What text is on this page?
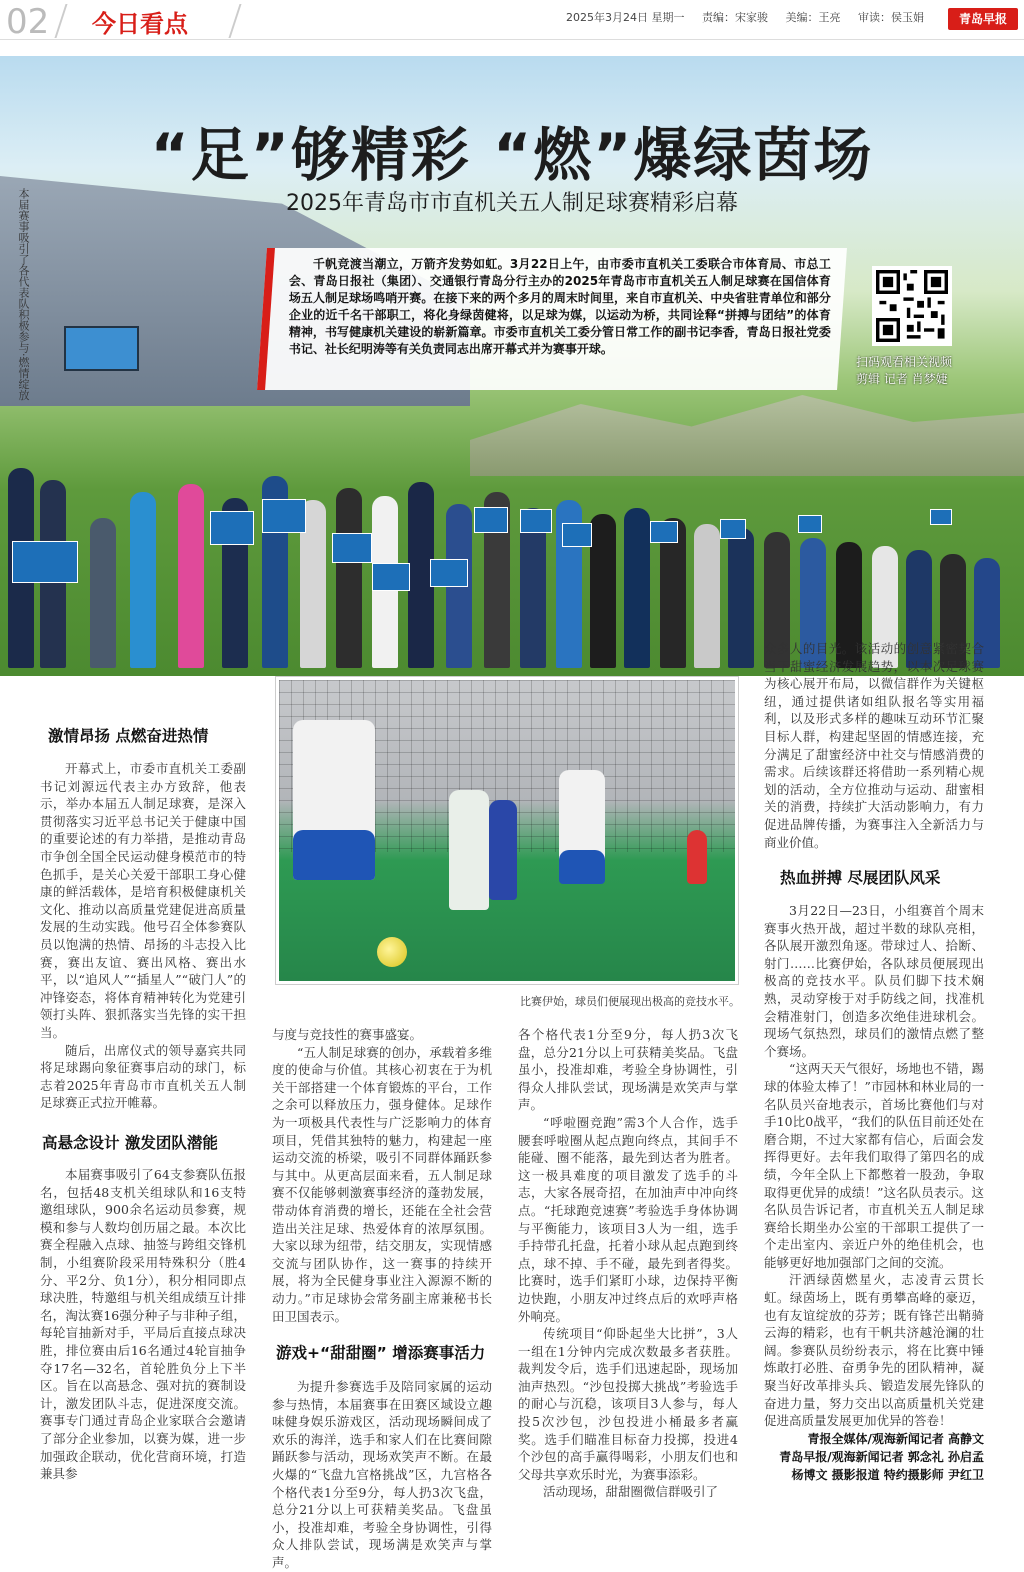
02 今日看点	2025年3月24日 星期一 责编：宋家骏 美编：王亮 审读：侯玉娟	青岛早报
“足”够精彩 “燃”爆绿茵场
2025年青岛市市直机关五人制足球赛精彩启幕
本届赛事吸引了各代表队积极参与·燃情绽放	千帆竞渡当潮立，万箭齐发势如虹。3月22日上午，由市委市直机关工委联合市体育局、市总工会、青岛日报社（集团）、交通银行青岛分行主办的2025年青岛市市直机关五人制足球赛在国信体育场五人制足球场鸣哨开赛。在接下来的两个多月的周末时间里，来自市直机关、中央省驻青单位和部分企业的近千名干部职工，将化身绿茵健将，以足球为媒，以运动为桥，共同诠释“拼搏与团结”的体育精神，书写健康机关建设的崭新篇章。市委市直机关工委分管日常工作的副书记李香，青岛日报社党委书记、社长纪明涛等有关负责同志出席开幕式并为赛事开球。
扫码观看相关视频
剪辑 记者 肖梦婕
比赛伊始，球员们便展现出极高的竞技水平。
激情昂扬 点燃奋进热情

开幕式上，市委市直机关工委副书记刘源远代表主办方致辞，他表示，举办本届五人制足球赛，是深入贯彻落实习近平总书记关于健康中国的重要论述的有力举措，是推动青岛市争创全国全民运动健身模范市的特色抓手，是关心关爱干部职工身心健康的鲜活载体，是培育积极健康机关文化、推动以高质量党建促进高质量发展的生动实践。他号召全体参赛队员以饱满的热情、昂扬的斗志投入比赛，赛出友谊、赛出风格、赛出水平，以“追风人”“插星人”“破门人”的冲锋姿态，将体育精神转化为党建引领打头阵、狠抓落实当先锋的实干担当。

随后，出席仪式的领导嘉宾共同将足球踢向象征赛事启动的球门，标志着2025年青岛市市直机关五人制足球赛正式拉开帷幕。

高悬念设计 激发团队潜能

本届赛事吸引了64支参赛队伍报名，包括48支机关组球队和16支特邀组球队，900余名运动员参赛，规模和参与人数均创历届之最。本次比赛全程融入点球、抽签与跨组交锋机制，小组赛阶段采用特殊积分（胜4分、平2分、负1分），积分相同即点球决胜，特邀组与机关组成绩互计排名，淘汰赛16强分种子与非种子组，每轮盲抽新对手，平局后直接点球决胜，排位赛由后16名通过4轮盲抽争夺17名—32名，首轮胜负分上下半区。旨在以高悬念、强对抗的赛制设计，激发团队斗志，促进深度交流。赛事专门通过青岛企业家联合会邀请了部分企业参加，以赛为媒，进一步加强政企联动，优化营商环境，打造兼具参

与度与竞技性的赛事盛宴。

“五人制足球赛的创办，承载着多维度的使命与价值。其核心初衷在于为机关干部搭建一个体育锻炼的平台，工作之余可以释放压力，强身健体。足球作为一项极具代表性与广泛影响力的体育项目，凭借其独特的魅力，构建起一座运动交流的桥梁，吸引不同群体踊跃参与其中。从更高层面来看，五人制足球赛不仅能够刺激赛事经济的蓬勃发展，带动体育消费的增长，还能在全社会营造出关注足球、热爱体育的浓厚氛围。大家以球为纽带，结交朋友，实现情感交流与团队协作，这一赛事的持续开展，将为全民健身事业注入源源不断的动力。”市足球协会常务副主席兼秘书长田卫国表示。

游戏+“甜甜圈” 增添赛事活力

为提升参赛选手及陪同家属的运动参与热情，本届赛事在田赛区域设立趣味健身娱乐游戏区，活动现场瞬间成了欢乐的海洋，选手和家人们在比赛间隙踊跃参与活动，现场欢笑声不断。在最火爆的“飞盘九宫格挑战”区，九宫格各个格代表1分至9分，每人扔3次飞盘，总分21分以上可获精美奖品。飞盘虽小，投准却难，考验全身协调性，引得众人排队尝试，现场满是欢笑声与掌声。

各个格代表1分至9分，每人扔3次飞盘，总分21分以上可获精美奖品。飞盘虽小，投准却难，考验全身协调性，引得众人排队尝试，现场满是欢笑声与掌声。

“呼啦圈竞跑”需3个人合作，选手腰套呼啦圈从起点跑向终点，其间手不能碰、圈不能落，最先到达者为胜者。这一极具难度的项目激发了选手的斗志，大家各展奇招，在加油声中冲向终点。“托球跑竞速赛”考验选手身体协调与平衡能力，该项目3人为一组，选手手持带孔托盘，托着小球从起点跑到终点，球不掉、手不碰，最先到者得奖。比赛时，选手们紧盯小球，边保持平衡边快跑，小朋友冲过终点后的欢呼声格外响亮。

传统项目“仰卧起坐大比拼”，3人一组在1分钟内完成次数最多者获胜。裁判发令后，选手们迅速起卧，现场加油声热烈。“沙包投掷大挑战”考验选手的耐心与沉稳，该项目3人参与，每人投5次沙包，沙包投进小桶最多者赢奖。选手们瞄准目标奋力投掷，投进4个沙包的高手赢得喝彩，小朋友们也和父母共享欢乐时光，为赛事添彩。

活动现场，甜甜圈微信群吸引了

众多人的目光。该活动的创意紧密契合当下甜蜜经济发展趋势，以本次足球赛为核心展开布局，以微信群作为关键枢纽，通过提供诸如组队报名等实用福利，以及形式多样的趣味互动环节汇聚目标人群，构建起坚固的情感连接，充分满足了甜蜜经济中社交与情感消费的需求。后续该群还将借助一系列精心规划的活动，全方位推动与运动、甜蜜相关的消费，持续扩大活动影响力，有力促进品牌传播，为赛事注入全新活力与商业价值。

热血拼搏 尽展团队风采

3月22日—23日，小组赛首个周末赛事火热开战，超过半数的球队亮相，各队展开激烈角逐。带球过人、拾断、射门……比赛伊始，各队球员便展现出极高的竞技水平。队员们脚下技术娴熟，灵动穿梭于对手防线之间，找准机会精准射门，创造多次绝佳进球机会。现场气氛热烈，球员们的激情点燃了整个赛场。

“这两天天气很好，场地也不错，踢球的体验太棒了！”市园林和林业局的一名队员兴奋地表示，首场比赛他们与对手10比0战平，“我们的队伍目前还处在磨合期，不过大家都有信心，后面会发挥得更好。去年我们取得了第四名的成绩，今年全队上下都憋着一股劲，争取取得更优异的成绩！”这名队员表示。这名队员告诉记者，市直机关五人制足球赛给长期坐办公室的干部职工提供了一个走出室内、亲近户外的绝佳机会，也能够更好地加强部门之间的交流。

汗洒绿茵燃星火，志凌青云贯长虹。绿茵场上，既有勇攀高峰的豪迈，也有友谊绽放的芬芳；既有锋芒出鞘骑云海的精彩，也有干帆共济越沧澜的壮阔。参赛队员纷纷表示，将在比赛中锤炼敢打必胜、奋勇争先的团队精神，凝聚当好改革排头兵、锻造发展先锋队的奋进力量，努力交出以高质量机关党建促进高质量发展更加优异的答卷！

青报全媒体/观海新闻记者 高静文
青岛早报/观海新闻记者 郭念礼 孙启孟
杨博文 摄影报道 特约摄影师 尹红卫
